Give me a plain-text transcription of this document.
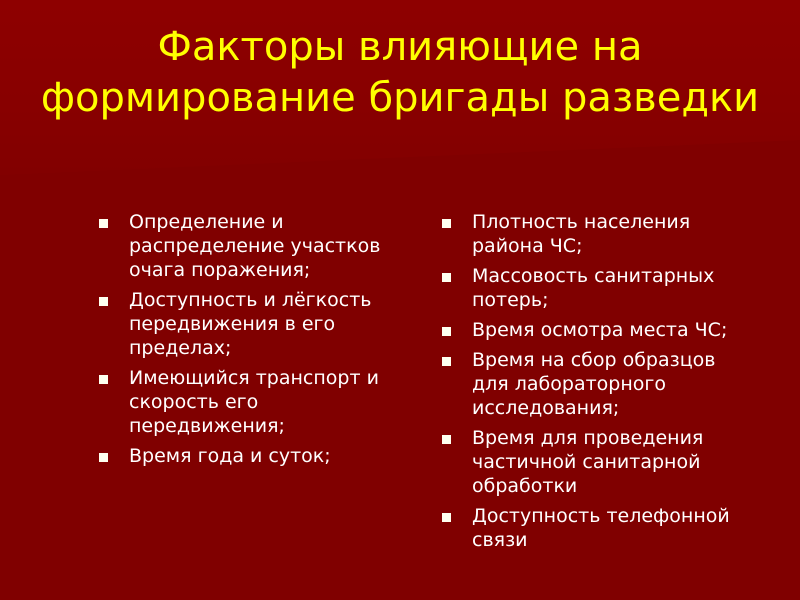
Факторы влияющие на
формирование бригады разведки
Определение и распределение участков очага поражения;
Доступность и лёгкость передвижения в его пределах;
Имеющийся транспорт и скорость его передвижения;
Время года и суток;
Плотность населения района ЧС;
Массовость санитарных потерь;
Время осмотра места ЧС;
Время на сбор образцов для лабораторного исследования;
Время для проведения частичной санитарной обработки
Доступность телефонной связи
